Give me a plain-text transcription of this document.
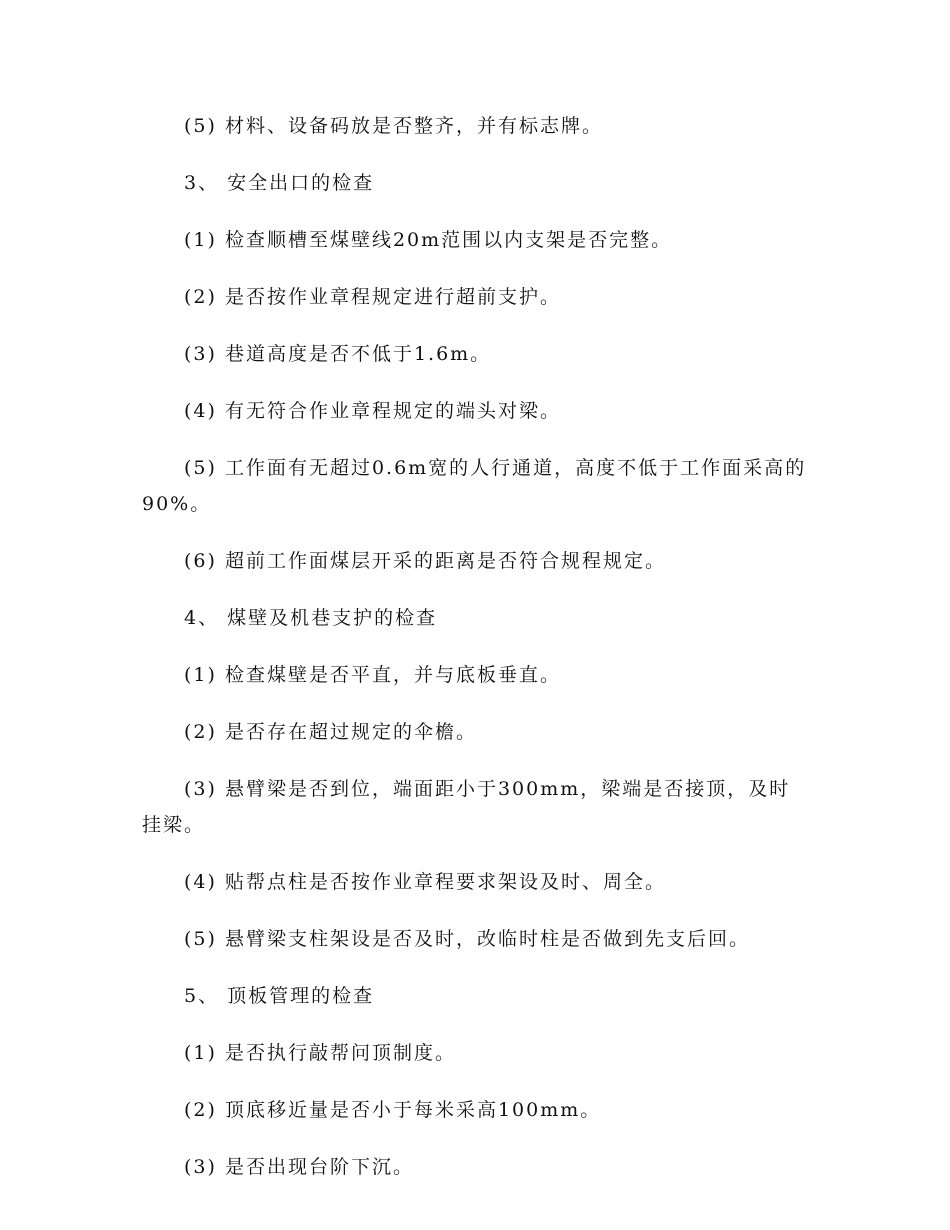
(5) 材料、设备码放是否整齐，并有标志牌。

3、 安全出口的检查

(1) 检查顺槽至煤壁线20m范围以内支架是否完整。

(2) 是否按作业章程规定进行超前支护。

(3) 巷道高度是否不低于1.6m。

(4) 有无符合作业章程规定的端头对梁。

(5) 工作面有无超过0.6m宽的人行通道，高度不低于工作面采高的90%。

(6) 超前工作面煤层开采的距离是否符合规程规定。

4、 煤壁及机巷支护的检查

(1) 检查煤壁是否平直，并与底板垂直。

(2) 是否存在超过规定的伞檐。

(3) 悬臂梁是否到位，端面距小于300mm，梁端是否接顶，及时挂梁。

(4) 贴帮点柱是否按作业章程要求架设及时、周全。

(5) 悬臂梁支柱架设是否及时，改临时柱是否做到先支后回。

5、 顶板管理的检查

(1) 是否执行敲帮问顶制度。

(2) 顶底移近量是否小于每米采高100mm。

(3) 是否出现台阶下沉。
